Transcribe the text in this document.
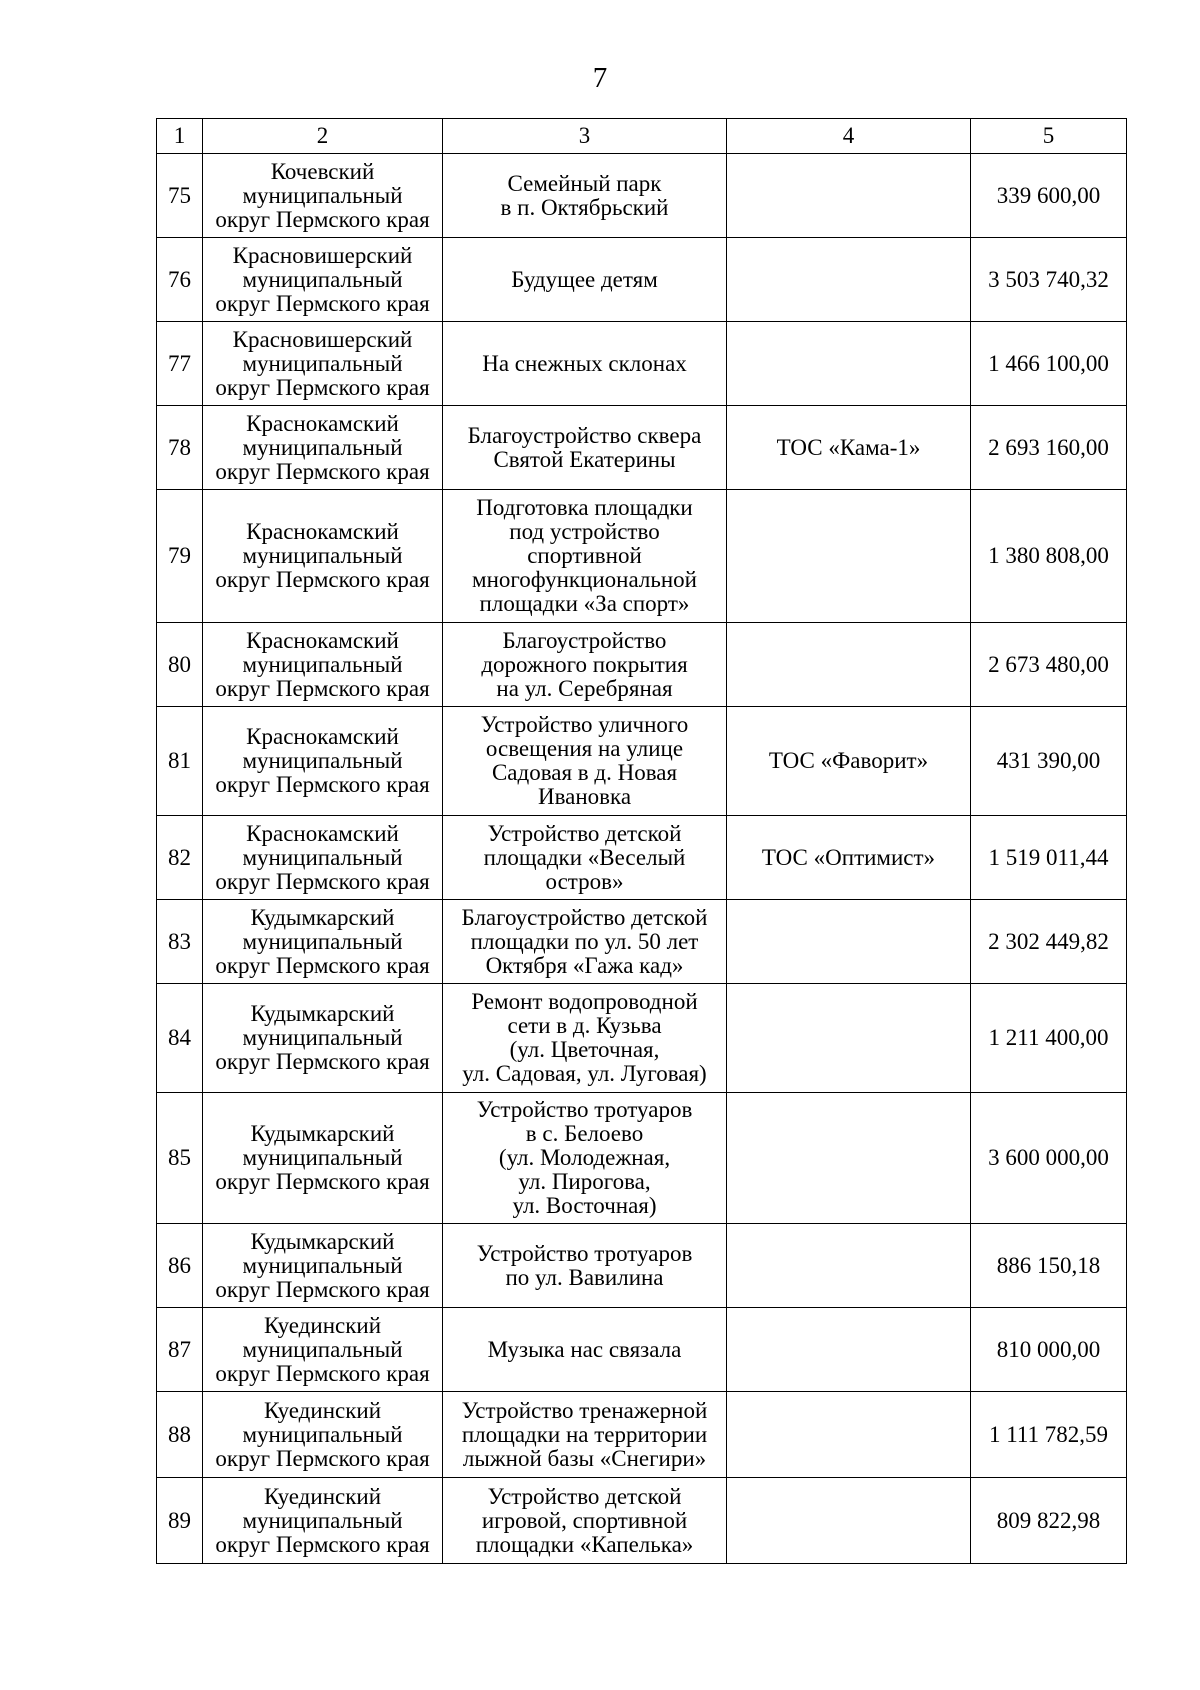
7
1	2	3	4	5
75	Кочевский
муниципальный
округ Пермского края	Семейный парк
в п. Октябрьский		339 600,00
76	Красновишерский
муниципальный
округ Пермского края	Будущее детям		3 503 740,32
77	Красновишерский
муниципальный
округ Пермского края	На снежных склонах		1 466 100,00
78	Краснокамский
муниципальный
округ Пермского края	Благоустройство сквера
Святой Екатерины	ТОС «Кама-1»	2 693 160,00
79	Краснокамский
муниципальный
округ Пермского края	Подготовка площадки
под устройство
спортивной
многофункциональной
площадки «За спорт»		1 380 808,00
80	Краснокамский
муниципальный
округ Пермского края	Благоустройство
дорожного покрытия
на ул. Серебряная		2 673 480,00
81	Краснокамский
муниципальный
округ Пермского края	Устройство уличного
освещения на улице
Садовая в д. Новая
Ивановка	ТОС «Фаворит»	431 390,00
82	Краснокамский
муниципальный
округ Пермского края	Устройство детской
площадки «Веселый
остров»	ТОС «Оптимист»	1 519 011,44
83	Кудымкарский
муниципальный
округ Пермского края	Благоустройство детской
площадки по ул. 50 лет
Октября «Гажа кад»		2 302 449,82
84	Кудымкарский
муниципальный
округ Пермского края	Ремонт водопроводной
сети в д. Кузьва
(ул. Цветочная,
ул. Садовая, ул. Луговая)		1 211 400,00
85	Кудымкарский
муниципальный
округ Пермского края	Устройство тротуаров
в с. Белоево
(ул. Молодежная,
ул. Пирогова,
ул. Восточная)		3 600 000,00
86	Кудымкарский
муниципальный
округ Пермского края	Устройство тротуаров
по ул. Вавилина		886 150,18
87	Куединский
муниципальный
округ Пермского края	Музыка нас связала		810 000,00
88	Куединский
муниципальный
округ Пермского края	Устройство тренажерной
площадки на территории
лыжной базы «Снегири»		1 111 782,59
89	Куединский
муниципальный
округ Пермского края	Устройство детской
игровой, спортивной
площадки «Капелька»		809 822,98
